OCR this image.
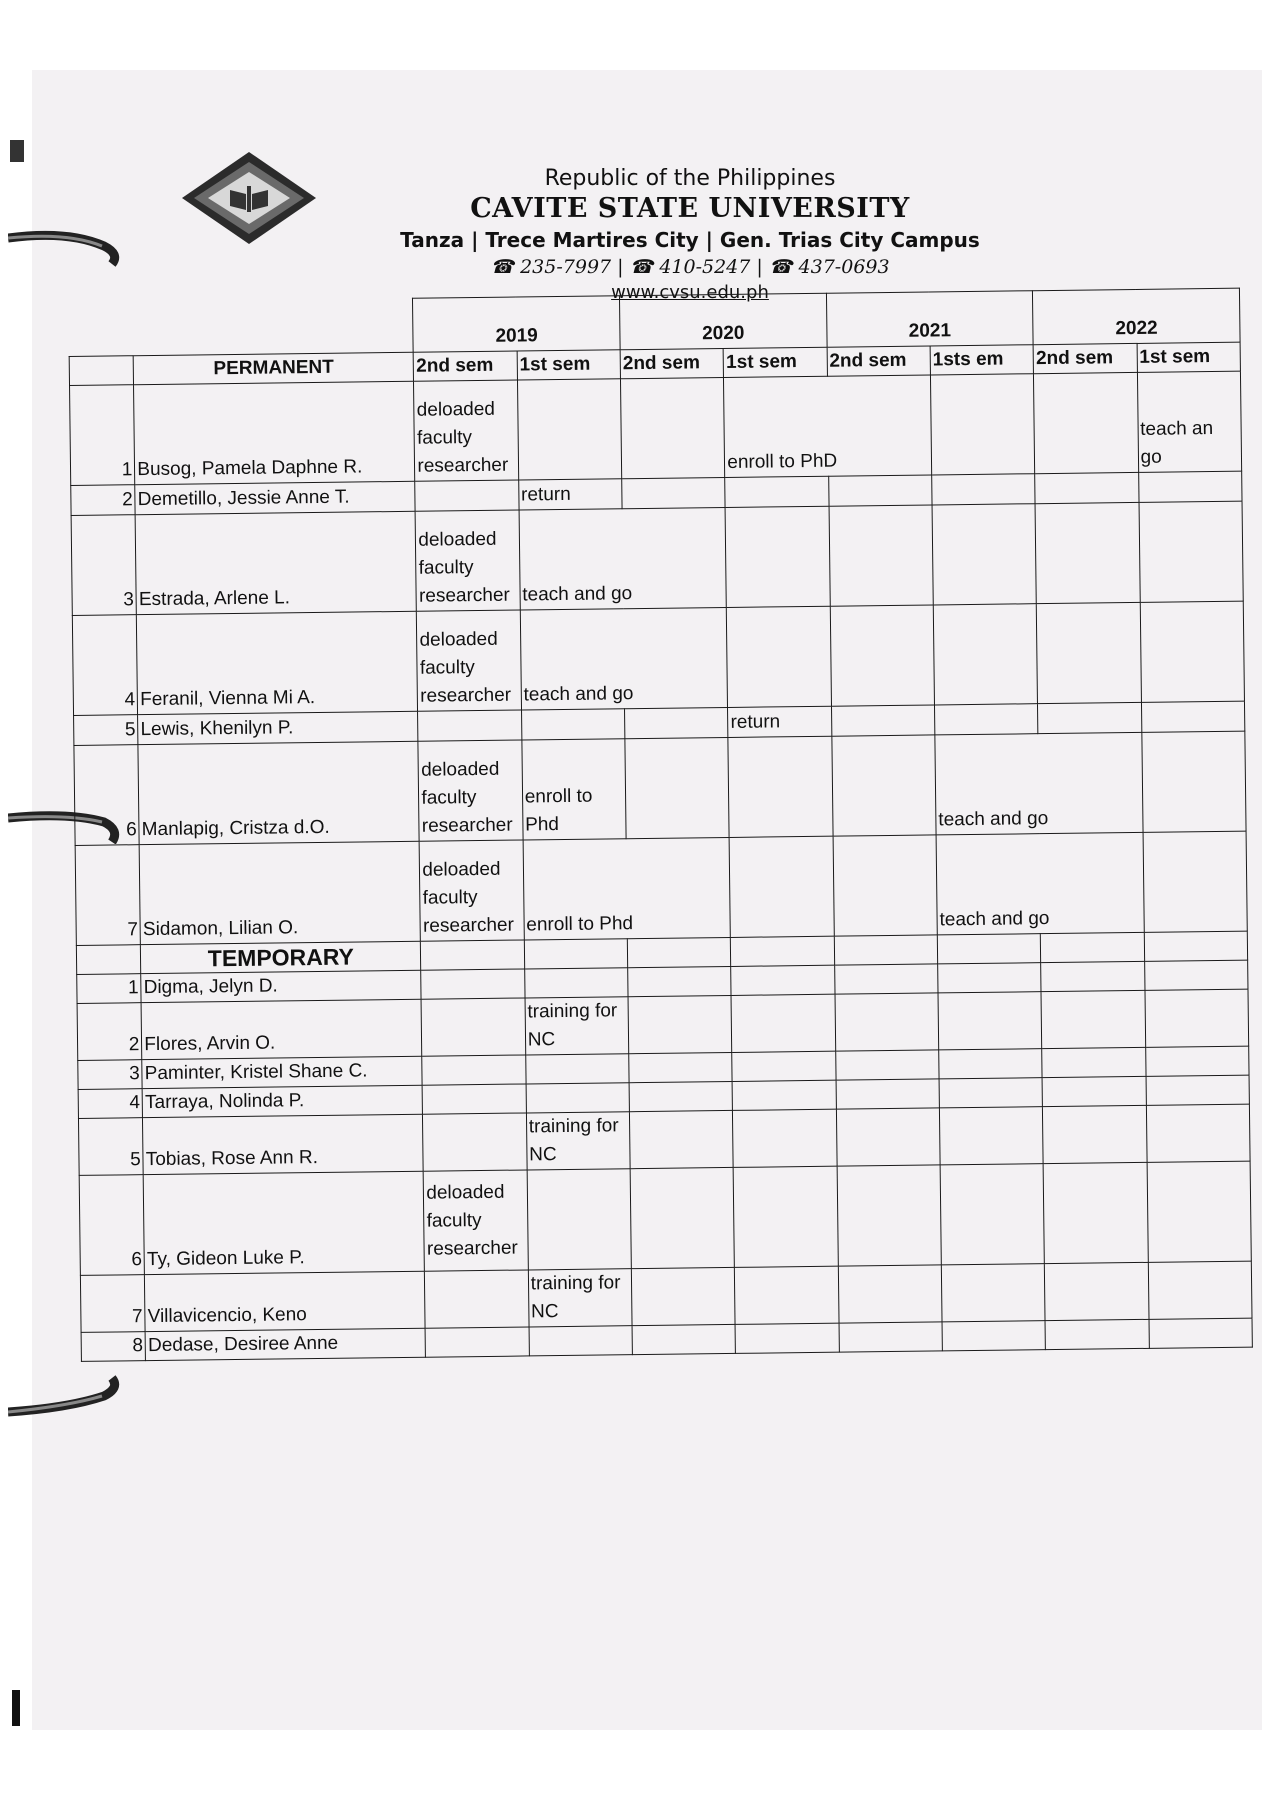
Republic of the Philippines
CAVITE STATE UNIVERSITY
Tanza | Trece Martires City | Gen. Trias City Campus
☎ 235-7997 | ☎ 410-5247 | ☎ 437-0693
www.cvsu.edu.ph
		2019		2020		2021		2022	
	PERMANENT	2nd sem	1st sem	2nd sem	1st sem	2nd sem	1sts em	2nd sem	1st sem
1	Busog, Pamela Daphne R.	deloaded faculty researcher			enroll to PhD				teach an go
2	Demetillo, Jessie Anne T.		return						
3	Estrada, Arlene L.	deloaded faculty researcher	teach and go						
4	Feranil, Vienna Mi A.	deloaded faculty researcher	teach and go						
5	Lewis, Khenilyn P.				return				
6	Manlapig, Cristza d.O.	deloaded faculty researcher	enroll to Phd				teach and go		
7	Sidamon, Lilian O.	deloaded faculty researcher	enroll to Phd				teach and go		
	TEMPORARY								
1	Digma, Jelyn D.								
2	Flores, Arvin O.		training for NC						
3	Paminter, Kristel Shane C.								
4	Tarraya, Nolinda P.								
5	Tobias, Rose Ann R.		training for NC						
6	Ty, Gideon Luke P.	deloaded faculty researcher							
7	Villavicencio, Keno		training for NC						
8	Dedase, Desiree Anne								
